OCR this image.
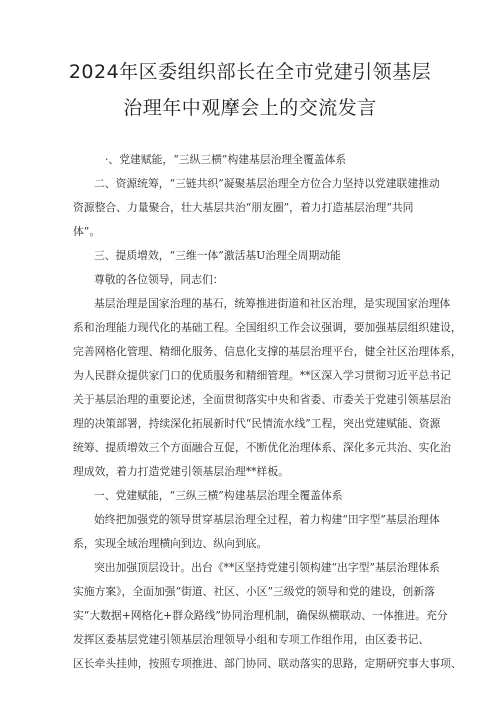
2024年区委组织部长在全市党建引领基层
治理年中观摩会上的交流发言

·、党建赋能，“三纵三横”构建基层治理全覆盖体系

二、资源统筹，“三链共织”凝聚基层治理全方位合力坚持以党建联建推动

资源整合、力量聚合，壮大基层共治“朋友圈”，着力打造基层治理“共同

体”。

三、提质增效，“三维一体”激活基U治理全周期动能

尊敬的各位领导，同志们：

基层治理是国家治理的基石，统筹推进街道和社区治理，是实现国家治理体

系和治理能力现代化的基础工程。全国组织工作会议强调，要加强基层组织建设，

完善网格化管理、精细化服务、信息化支撑的基层治理平台，健全社区治理体系，

为人民群众提供家门口的优质服务和精细管理。**区深入学习贯彻习近平总书记

关于基层治理的重要论述，全面贯彻落实中央和省委、市委关于党建引领基层治

理的决策部署，持续深化拓展新时代“民情流水线”工程，突出党建赋能、资源

统筹、提质增效三个方面融合互促，不断优化治理体系、深化多元共治、实化治

理成效，着力打造党建引领基层治理**样板。

一、党建赋能，“三纵三横”构建基层治理全覆盖体系

始终把加强党的领导贯穿基层治理全过程，着力构建“田字型”基层治理体

系，实现全域治理横向到边、纵向到底。

突出加强顶层设计。出台《**区坚持党建引领构建“出字型”基层治理体系

实施方案》，全面加强“街道、社区、小区”三级党的领导和党的建设，创新落

实“大数据+网格化+群众路线”协同治理机制，确保纵横联动、一体推进。充分

发挥区委基层党建引领基层治理领导小组和专项工作组作用，由区委书记、

区长牵头挂帅，按照专项推进、部门协同、联动落实的思路，定期研究事大事项、
